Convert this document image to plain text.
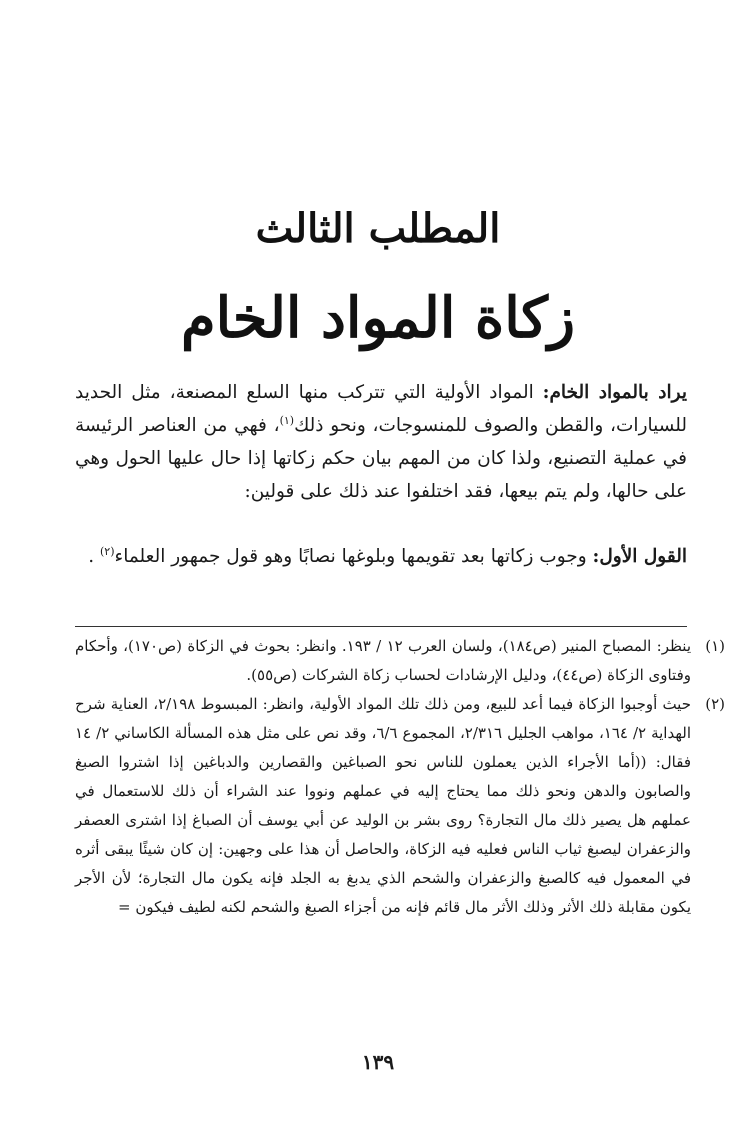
المطلب الثالث
زكاة المواد الخام

يراد بالمواد الخام: المواد الأولية التي تتركب منها السلع المصنعة، مثل الحديد للسيارات، والقطن والصوف للمنسوجات، ونحو ذلك$^{(١)}$، فهي من العناصر الرئيسة في عملية التصنيع، ولذا كان من المهم بيان حكم زكاتها إذا حال عليها الحول وهي على حالها، ولم يتم بيعها، فقد اختلفوا عند ذلك على قولين:

القول الأول: وجوب زكاتها بعد تقويمها وبلوغها نصابًا وهو قول جمهور العلماء$^{(٢)}$ .

(١)
ينظر: المصباح المنير (ص١٨٤)، ولسان العرب ١٢ / ١٩٣. وانظر: بحوث في الزكاة (ص١٧٠)، وأحكام وفتاوى الزكاة (ص٤٤)، ودليل الإرشادات لحساب زكاة الشركات (ص٥٥).
(٢)
حيث أوجبوا الزكاة فيما أعد للبيع، ومن ذلك تلك المواد الأولية، وانظر: المبسوط ٢/١٩٨، العناية شرح الهداية ٢/ ١٦٤، مواهب الجليل ٢/٣١٦، المجموع ٦/٦، وقد نص على مثل هذه المسألة الكاساني ٢/ ١٤ فقال: ((أما الأجراء الذين يعملون للناس نحو الصباغين والقصارين والدباغين إذا اشتروا الصبغ والصابون والدهن ونحو ذلك مما يحتاج إليه في عملهم ونووا عند الشراء أن ذلك للاستعمال في عملهم هل يصير ذلك مال التجارة؟ روى بشر بن الوليد عن أبي يوسف أن الصباغ إذا اشترى العصفر والزعفران ليصبغ ثياب الناس فعليه فيه الزكاة، والحاصل أن هذا على وجهين: إن كان شيئًا يبقى أثره في المعمول فيه كالصبغ والزعفران والشحم الذي يدبغ به الجلد فإنه يكون مال التجارة؛ لأن الأجر يكون مقابلة ذلك الأثر وذلك الأثر مال قائم فإنه من أجزاء الصبغ والشحم لكنه لطيف فيكون =
١٣٩
